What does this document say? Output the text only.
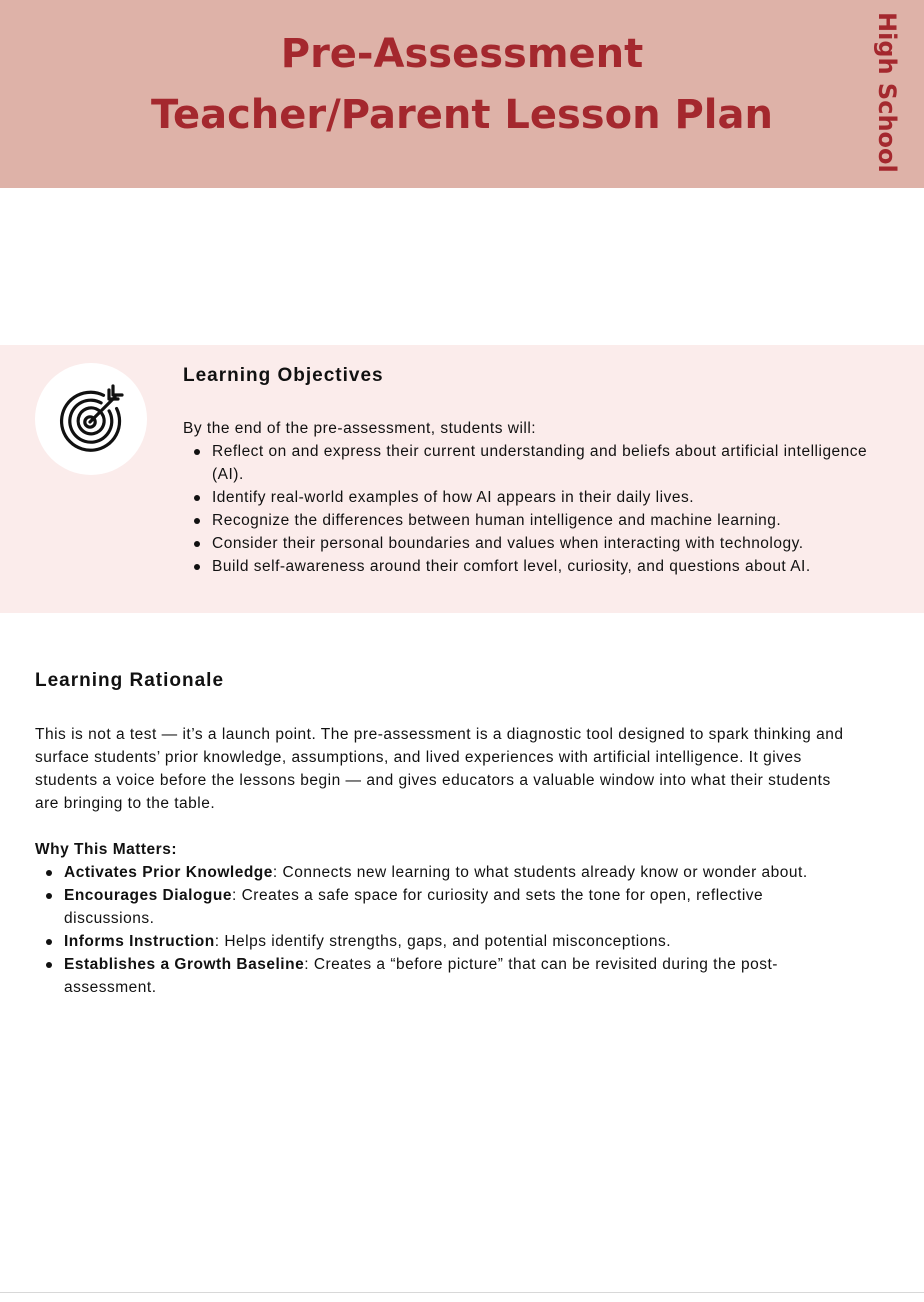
Pre-Assessment
Teacher/Parent Lesson Plan	High School
Learning Objectives

By the end of the pre-assessment, students will:

Reflect on and express their current understanding and beliefs about artificial intelligence (AI).
Identify real-world examples of how AI appears in their daily lives.
Recognize the differences between human intelligence and machine learning.
Consider their personal boundaries and values when interacting with technology.
Build self-awareness around their comfort level, curiosity, and questions about AI.
Learning Rationale

This is not a test — it’s a launch point. The pre-assessment is a diagnostic tool designed to spark thinking and surface students’ prior knowledge, assumptions, and lived experiences with artificial intelligence. It gives students a voice before the lessons begin — and gives educators a valuable window into what their students are bringing to the table.

Why This Matters:

Activates Prior Knowledge: Connects new learning to what students already know or wonder about.
Encourages Dialogue: Creates a safe space for curiosity and sets the tone for open, reflective discussions.
Informs Instruction: Helps identify strengths, gaps, and potential misconceptions.
Establishes a Growth Baseline: Creates a “before picture” that can be revisited during the post-assessment.
